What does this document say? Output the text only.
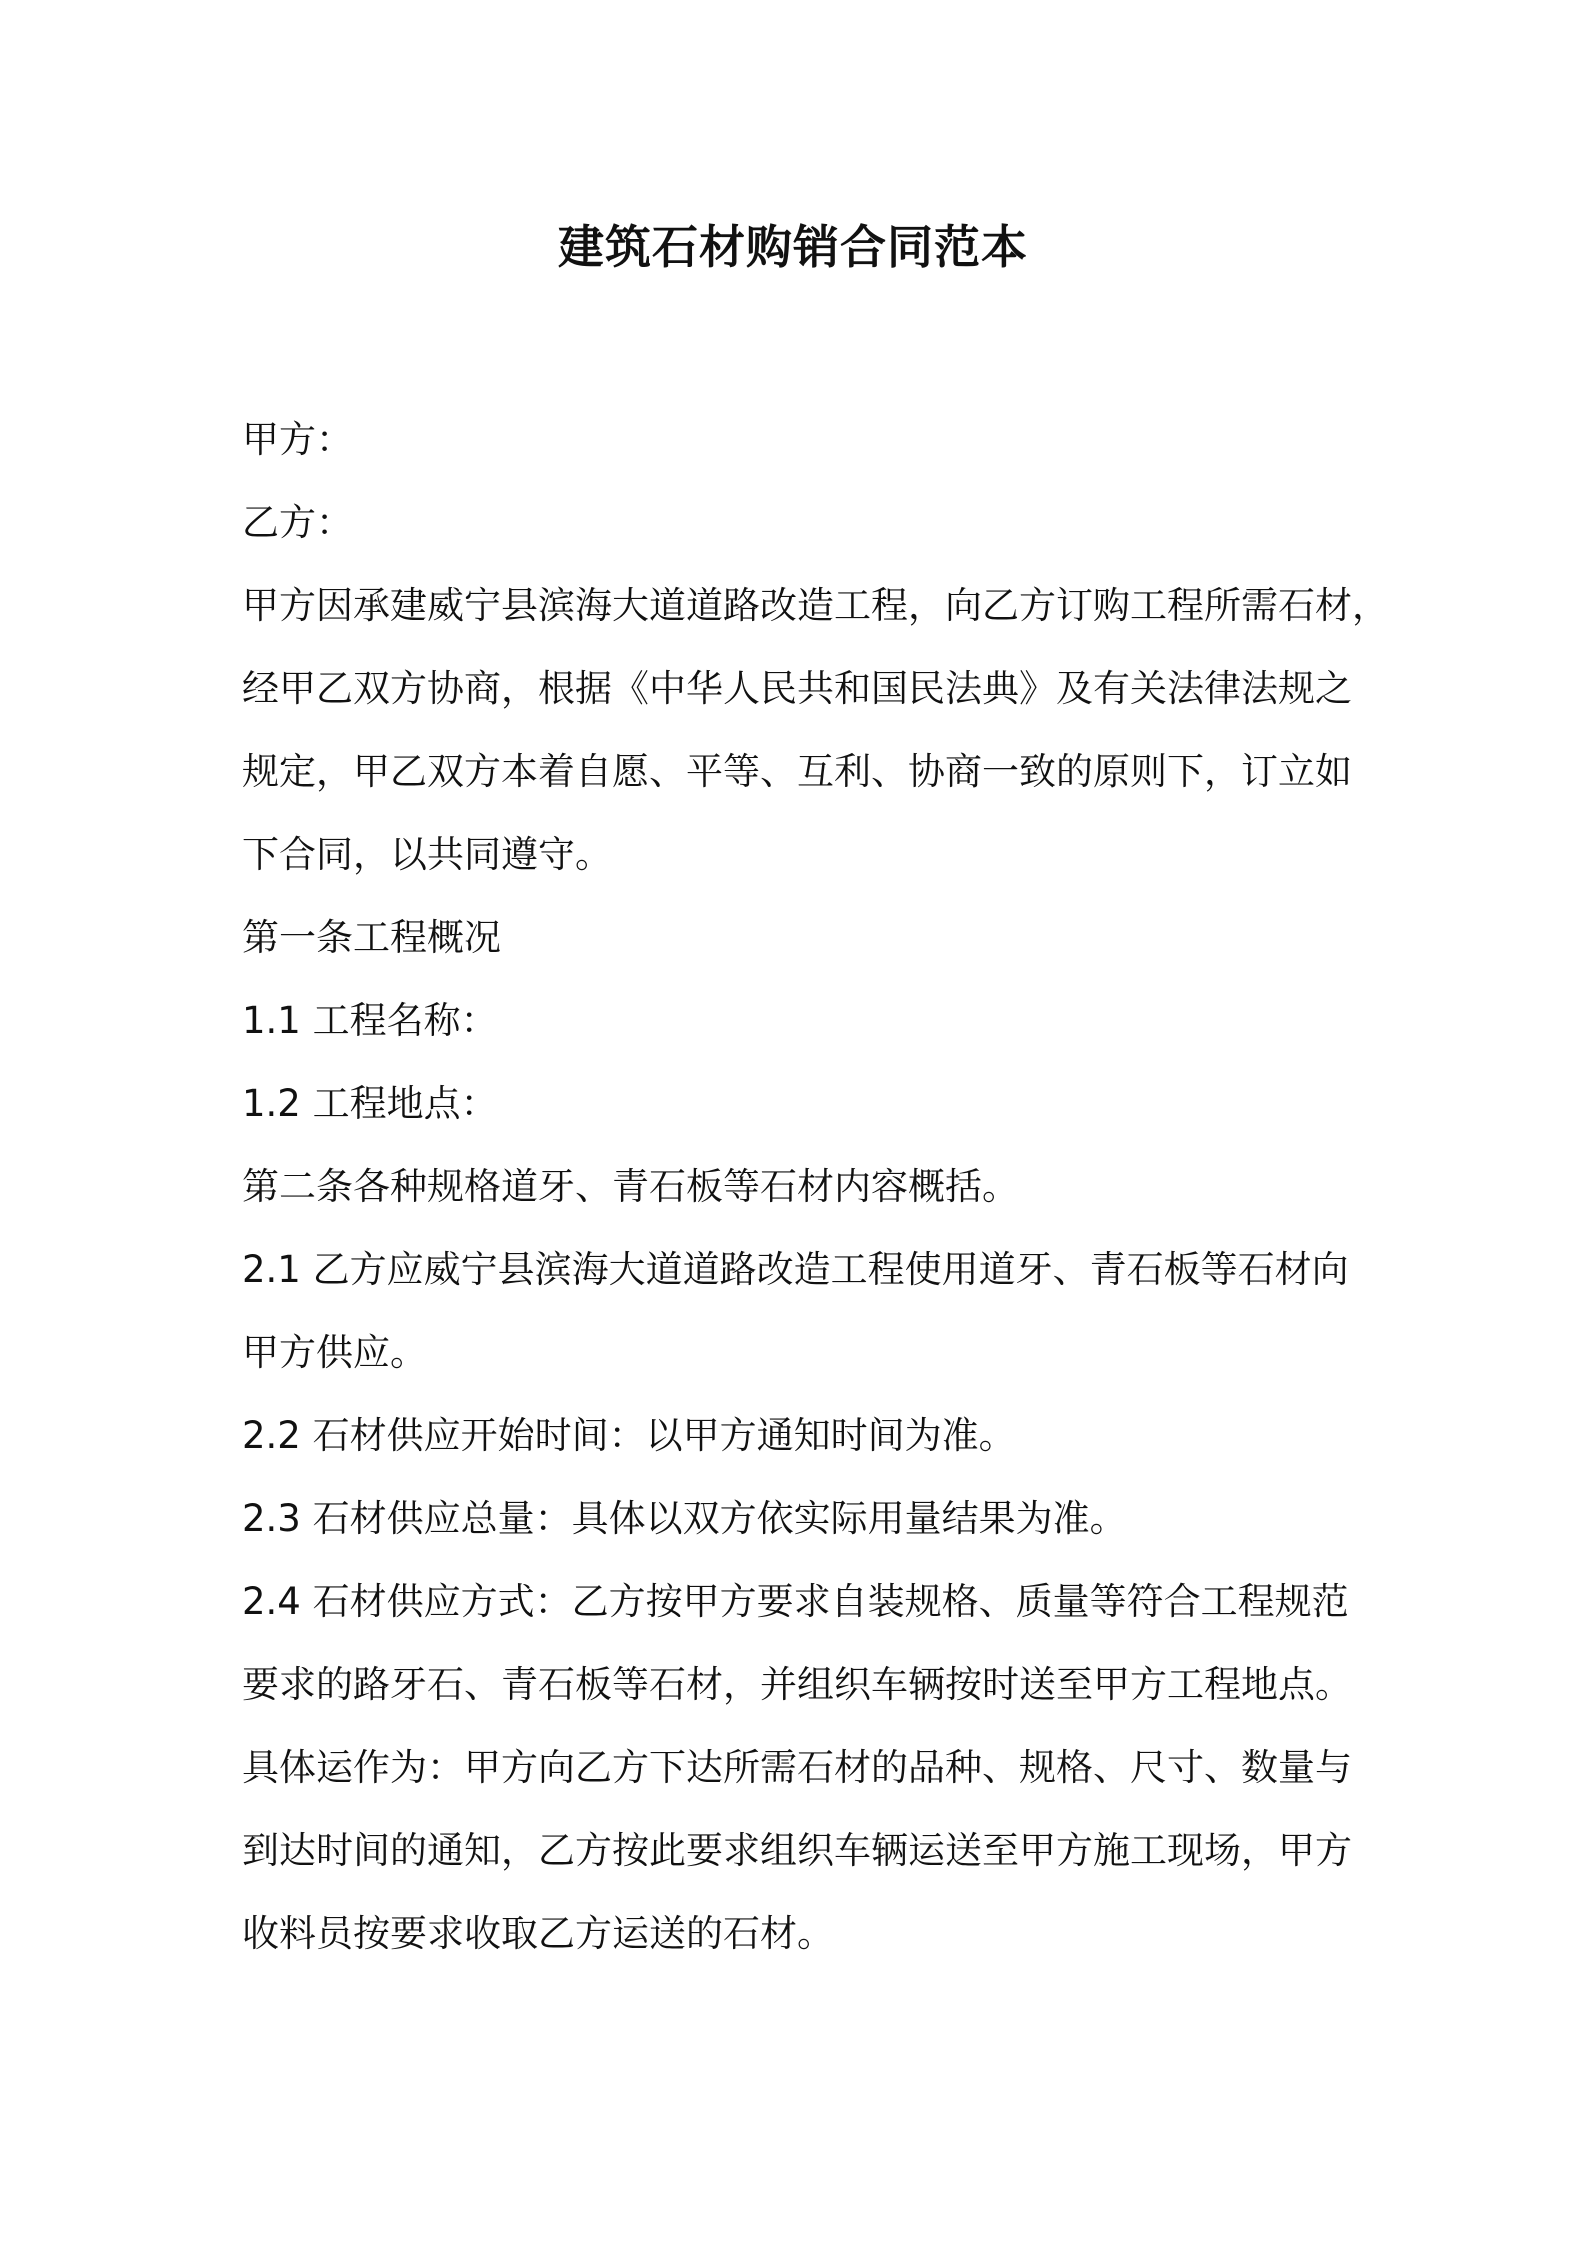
建筑石材购销合同范本

甲方：

乙方：

甲方因承建威宁县滨海大道道路改造工程，向乙方订购工程所需石材，

经甲乙双方协商，根据《中华人民共和国民法典》及有关法律法规之

规定，甲乙双方本着自愿、平等、互利、协商一致的原则下，订立如

下合同，以共同遵守。

第一条工程概况

1.1 工程名称：

1.2 工程地点：

第二条各种规格道牙、青石板等石材内容概括。

2.1 乙方应威宁县滨海大道道路改造工程使用道牙、青石板等石材向

甲方供应。

2.2 石材供应开始时间：以甲方通知时间为准。

2.3 石材供应总量：具体以双方依实际用量结果为准。

2.4 石材供应方式：乙方按甲方要求自装规格、质量等符合工程规范

要求的路牙石、青石板等石材，并组织车辆按时送至甲方工程地点。

具体运作为：甲方向乙方下达所需石材的品种、规格、尺寸、数量与

到达时间的通知，乙方按此要求组织车辆运送至甲方施工现场，甲方

收料员按要求收取乙方运送的石材。
